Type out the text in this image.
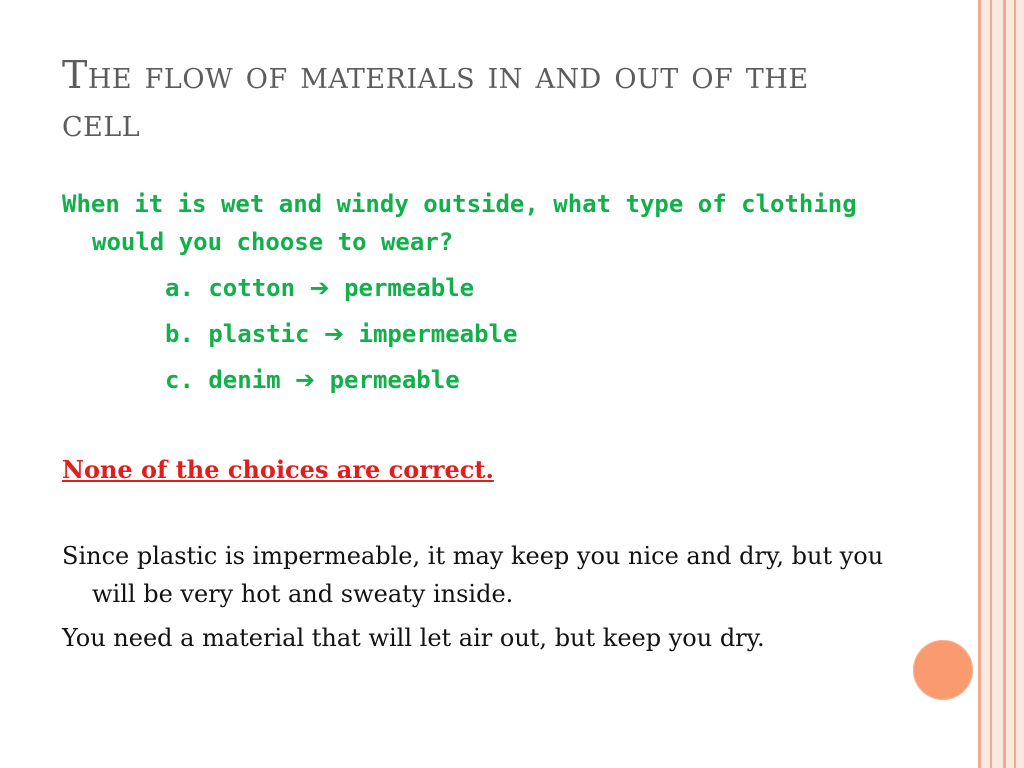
The flow of materials in and out of the cell

When it is wet and windy outside, what type of clothing would you choose to wear?

a. cotton ➔ permeable

b. plastic ➔ impermeable

c. denim ➔ permeable

None of the choices are correct.

Since plastic is impermeable, it may keep you nice and dry, but you will be very hot and sweaty inside.

You need a material that will let air out, but keep you dry.
